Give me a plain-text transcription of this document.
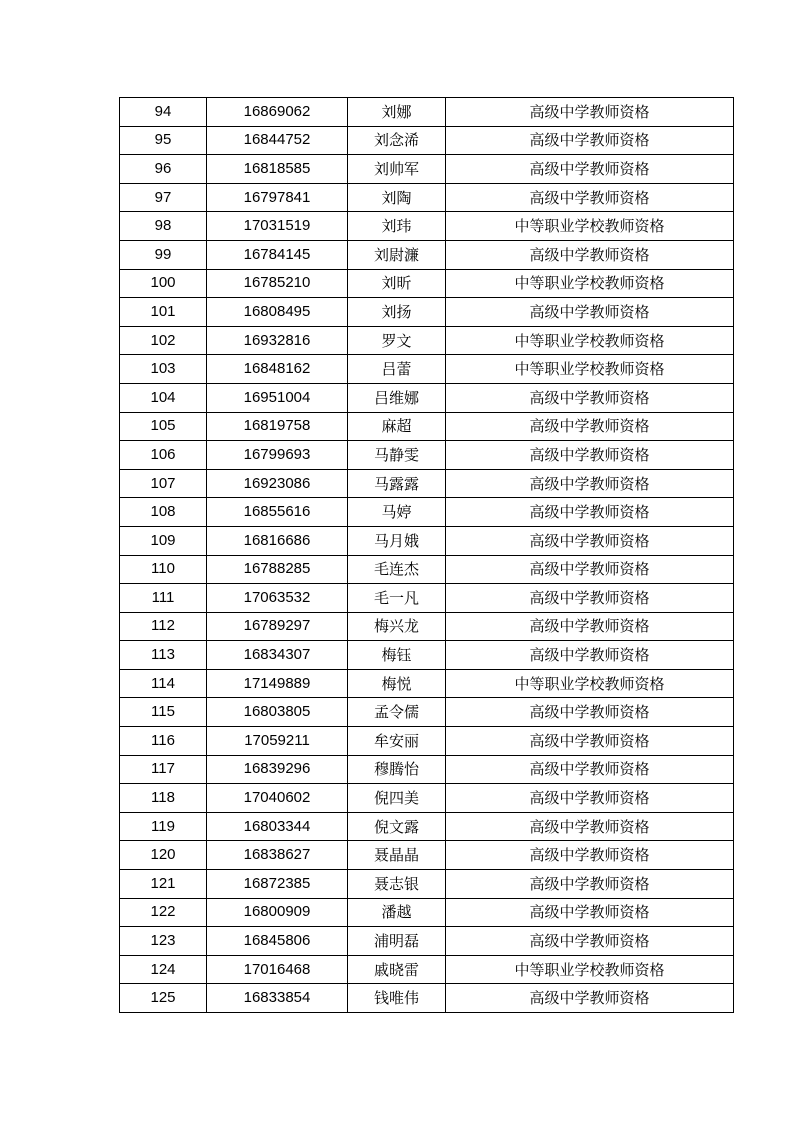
94	16869062	刘娜	高级中学教师资格
95	16844752	刘念浠	高级中学教师资格
96	16818585	刘帅军	高级中学教师资格
97	16797841	刘陶	高级中学教师资格
98	17031519	刘玮	中等职业学校教师资格
99	16784145	刘尉濂	高级中学教师资格
100	16785210	刘昕	中等职业学校教师资格
101	16808495	刘扬	高级中学教师资格
102	16932816	罗文	中等职业学校教师资格
103	16848162	吕蕾	中等职业学校教师资格
104	16951004	吕维娜	高级中学教师资格
105	16819758	麻超	高级中学教师资格
106	16799693	马静雯	高级中学教师资格
107	16923086	马露露	高级中学教师资格
108	16855616	马婷	高级中学教师资格
109	16816686	马月娥	高级中学教师资格
110	16788285	毛连杰	高级中学教师资格
111	17063532	毛一凡	高级中学教师资格
112	16789297	梅兴龙	高级中学教师资格
113	16834307	梅钰	高级中学教师资格
114	17149889	梅悦	中等职业学校教师资格
115	16803805	孟令儒	高级中学教师资格
116	17059211	牟安丽	高级中学教师资格
117	16839296	穆腾怡	高级中学教师资格
118	17040602	倪四美	高级中学教师资格
119	16803344	倪文露	高级中学教师资格
120	16838627	聂晶晶	高级中学教师资格
121	16872385	聂志银	高级中学教师资格
122	16800909	潘越	高级中学教师资格
123	16845806	浦明磊	高级中学教师资格
124	17016468	戚晓雷	中等职业学校教师资格
125	16833854	钱唯伟	高级中学教师资格
